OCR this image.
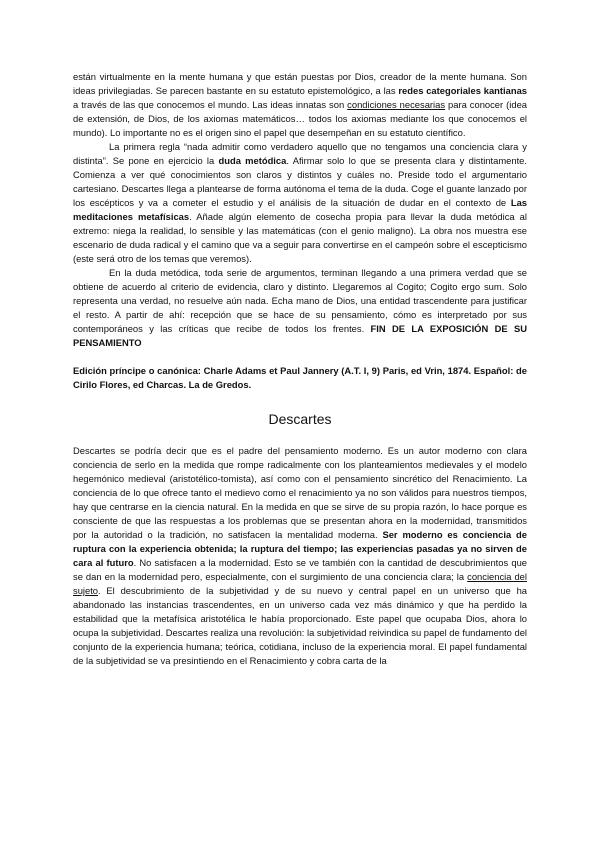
están virtualmente en la mente humana y que están puestas por Dios, creador de la mente humana. Son ideas privilegiadas. Se parecen bastante en su estatuto epistemológico, a las redes categoriales kantianas a través de las que conocemos el mundo. Las ideas innatas son condiciones necesarias para conocer (idea de extensión, de Dios, de los axiomas matemáticos… todos los axiomas mediante los que conocemos el mundo). Lo importante no es el origen sino el papel que desempeñan en su estatuto científico.

La primera regla “nada admitir como verdadero aquello que no tengamos una conciencia clara y distinta”. Se pone en ejercicio la duda metódica. Afirmar solo lo que se presenta clara y distintamente. Comienza a ver qué conocimientos son claros y distintos y cuáles no. Preside todo el argumentario cartesiano. Descartes llega a plantearse de forma autónoma el tema de la duda. Coge el guante lanzado por los escépticos y va a cometer el estudio y el análisis de la situación de dudar en el contexto de Las meditaciones metafísicas. Añade algún elemento de cosecha propia para llevar la duda metódica al extremo: niega la realidad, lo sensible y las matemáticas (con el genio maligno). La obra nos muestra ese escenario de duda radical y el camino que va a seguir para convertirse en el campeón sobre el escepticismo (este será otro de los temas que veremos).

En la duda metódica, toda serie de argumentos, terminan llegando a una primera verdad que se obtiene de acuerdo al criterio de evidencia, claro y distinto. Llegaremos al Cogito; Cogito ergo sum. Solo representa una verdad, no resuelve aún nada. Echa mano de Dios, una entidad trascendente para justificar el resto. A partir de ahí: recepción que se hace de su pensamiento, cómo es interpretado por sus contemporáneos y las críticas que recibe de todos los frentes. FIN DE LA EXPOSICIÓN DE SU PENSAMIENTO

Edición príncipe o canónica: Charle Adams et Paul Jannery (A.T. I, 9) Paris, ed Vrin, 1874. Español: de Cirilo Flores, ed Charcas. La de Gredos.

Descartes

Descartes se podría decir que es el padre del pensamiento moderno. Es un autor moderno con clara conciencia de serlo en la medida que rompe radicalmente con los planteamientos medievales y el modelo hegemónico medieval (aristotélico-tomista), así como con el pensamiento sincrético del Renacimiento. La conciencia de lo que ofrece tanto el medievo como el renacimiento ya no son válidos para nuestros tiempos, hay que centrarse en la ciencia natural. En la medida en que se sirve de su propia razón, lo hace porque es consciente de que las respuestas a los problemas que se presentan ahora en la modernidad, transmitidos por la autoridad o la tradición, no satisfacen la mentalidad moderna. Ser moderno es conciencia de ruptura con la experiencia obtenida; la ruptura del tiempo; las experiencias pasadas ya no sirven de cara al futuro. No satisfacen a la modernidad. Esto se ve también con la cantidad de descubrimientos que se dan en la modernidad pero, especialmente, con el surgimiento de una conciencia clara; la conciencia del sujeto. El descubrimiento de la subjetividad y de su nuevo y central papel en un universo que ha abandonado las instancias trascendentes, en un universo cada vez más dinámico y que ha perdido la estabilidad que la metafísica aristotélica le había proporcionado. Este papel que ocupaba Dios, ahora lo ocupa la subjetividad. Descartes realiza una revolución: la subjetividad reivindica su papel de fundamento del conjunto de la experiencia humana; teórica, cotidiana, incluso de la experiencia moral. El papel fundamental de la subjetividad se va presintiendo en el Renacimiento y cobra carta de la
